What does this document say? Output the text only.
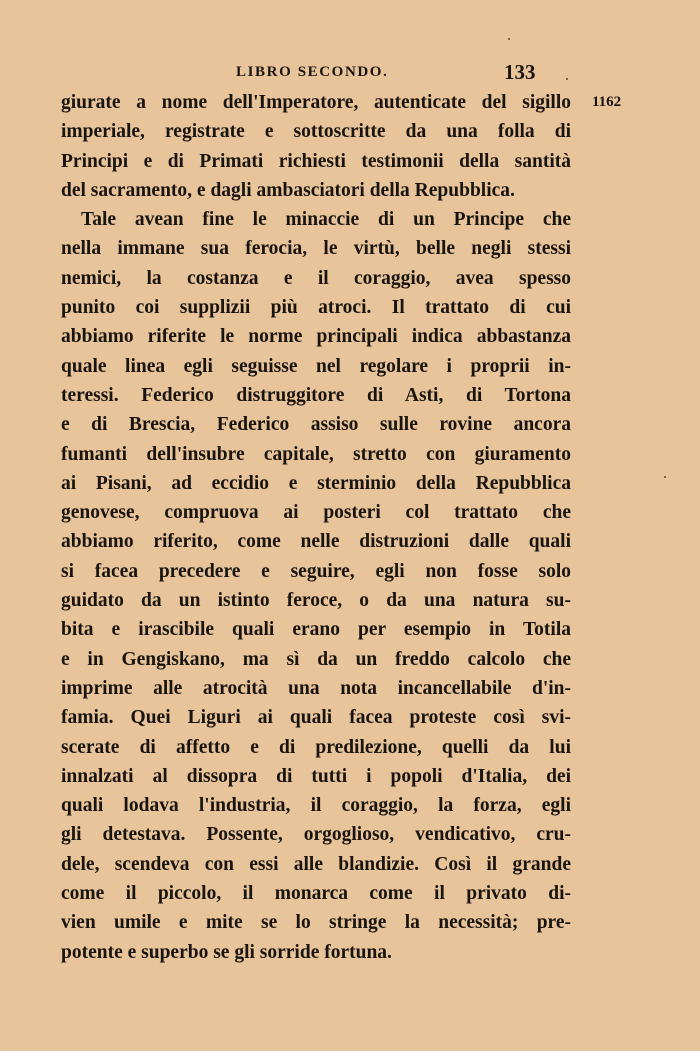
LIBRO SECONDO.	133
1162
giurate a nome dell'Imperatore, autenticate del sigillo
imperiale, registrate e sottoscritte da una folla di
Principi e di Primati richiesti testimonii della santità
del sacramento, e dagli ambasciatori della Repubblica.
Tale avean fine le minaccie di un Principe che
nella immane sua ferocia, le virtù, belle negli stessi
nemici, la costanza e il coraggio, avea spesso
punito coi supplizii più atroci. Il trattato di cui
abbiamo riferite le norme principali indica abbastanza
quale linea egli seguisse nel regolare i proprii in-
teressi. Federico distruggitore di Asti, di Tortona
e di Brescia, Federico assiso sulle rovine ancora
fumanti dell'insubre capitale, stretto con giuramento
ai Pisani, ad eccidio e sterminio della Repubblica
genovese, compruova ai posteri col trattato che
abbiamo riferito, come nelle distruzioni dalle quali
si facea precedere e seguire, egli non fosse solo
guidato da un istinto feroce, o da una natura su-
bita e irascibile quali erano per esempio in Totila
e in Gengiskano, ma sì da un freddo calcolo che
imprime alle atrocità una nota incancellabile d'in-
famia. Quei Liguri ai quali facea proteste così svi-
scerate di affetto e di predilezione, quelli da lui
innalzati al dissopra di tutti i popoli d'Italia, dei
quali lodava l'industria, il coraggio, la forza, egli
gli detestava. Possente, orgoglioso, vendicativo, cru-
dele, scendeva con essi alle blandizie. Così il grande
come il piccolo, il monarca come il privato di-
vien umile e mite se lo stringe la necessità; pre-
potente e superbo se gli sorride fortuna.
